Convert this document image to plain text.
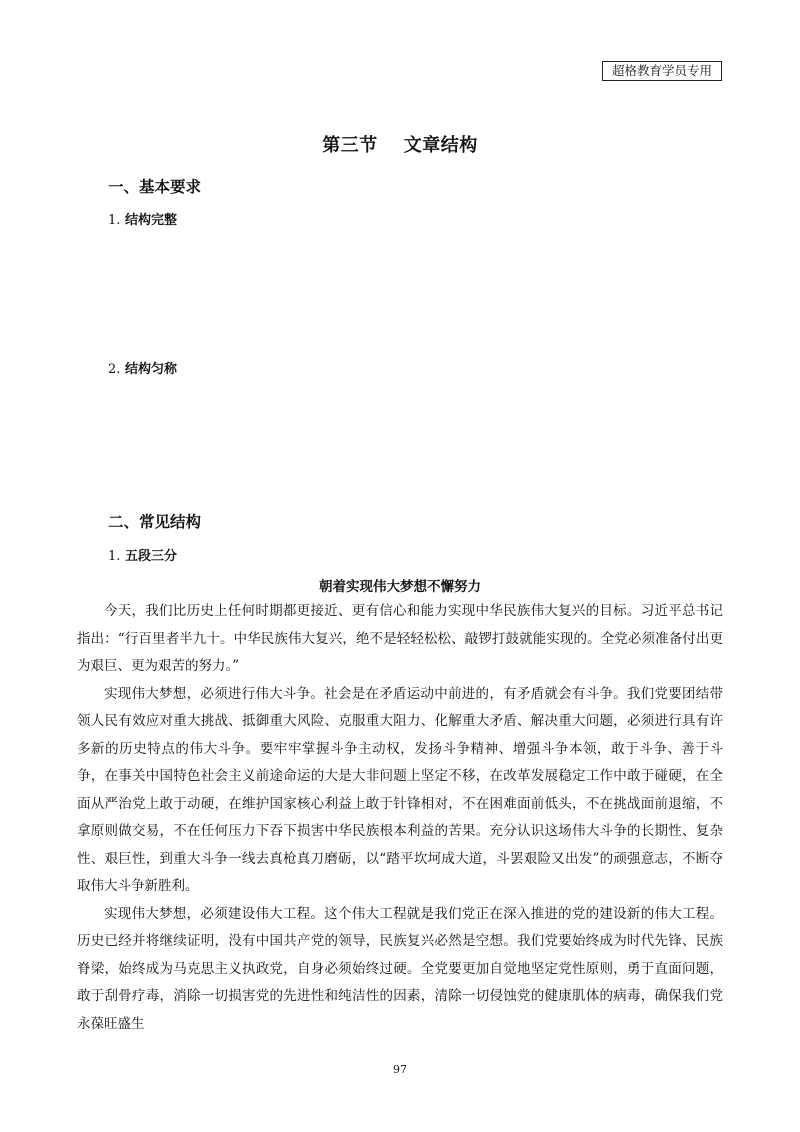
超格教育学员专用
第三节 文章结构
一、基本要求
1. 结构完整
2. 结构匀称
二、常见结构
1. 五段三分
朝着实现伟大梦想不懈努力

今天，我们比历史上任何时期都更接近、更有信心和能力实现中华民族伟大复兴的目标。习近平总书记指出：“行百里者半九十。中华民族伟大复兴，绝不是轻轻松松、敲锣打鼓就能实现的。全党必须准备付出更为艰巨、更为艰苦的努力。”

实现伟大梦想，必须进行伟大斗争。社会是在矛盾运动中前进的，有矛盾就会有斗争。我们党要团结带领人民有效应对重大挑战、抵御重大风险、克服重大阻力、化解重大矛盾、解决重大问题，必须进行具有许多新的历史特点的伟大斗争。要牢牢掌握斗争主动权，发扬斗争精神、增强斗争本领，敢于斗争、善于斗争，在事关中国特色社会主义前途命运的大是大非问题上坚定不移，在改革发展稳定工作中敢于碰硬，在全面从严治党上敢于动硬，在维护国家核心利益上敢于针锋相对，不在困难面前低头，不在挑战面前退缩，不拿原则做交易，不在任何压力下吞下损害中华民族根本利益的苦果。充分认识这场伟大斗争的长期性、复杂性、艰巨性，到重大斗争一线去真枪真刀磨砺，以“踏平坎坷成大道，斗罢艰险又出发”的顽强意志，不断夺取伟大斗争新胜利。

实现伟大梦想，必须建设伟大工程。这个伟大工程就是我们党正在深入推进的党的建设新的伟大工程。历史已经并将继续证明，没有中国共产党的领导，民族复兴必然是空想。我们党要始终成为时代先锋、民族脊梁，始终成为马克思主义执政党，自身必须始终过硬。全党要更加自觉地坚定党性原则，勇于直面问题，敢于刮骨疗毒，消除一切损害党的先进性和纯洁性的因素，清除一切侵蚀党的健康肌体的病毒，确保我们党永葆旺盛生

97
